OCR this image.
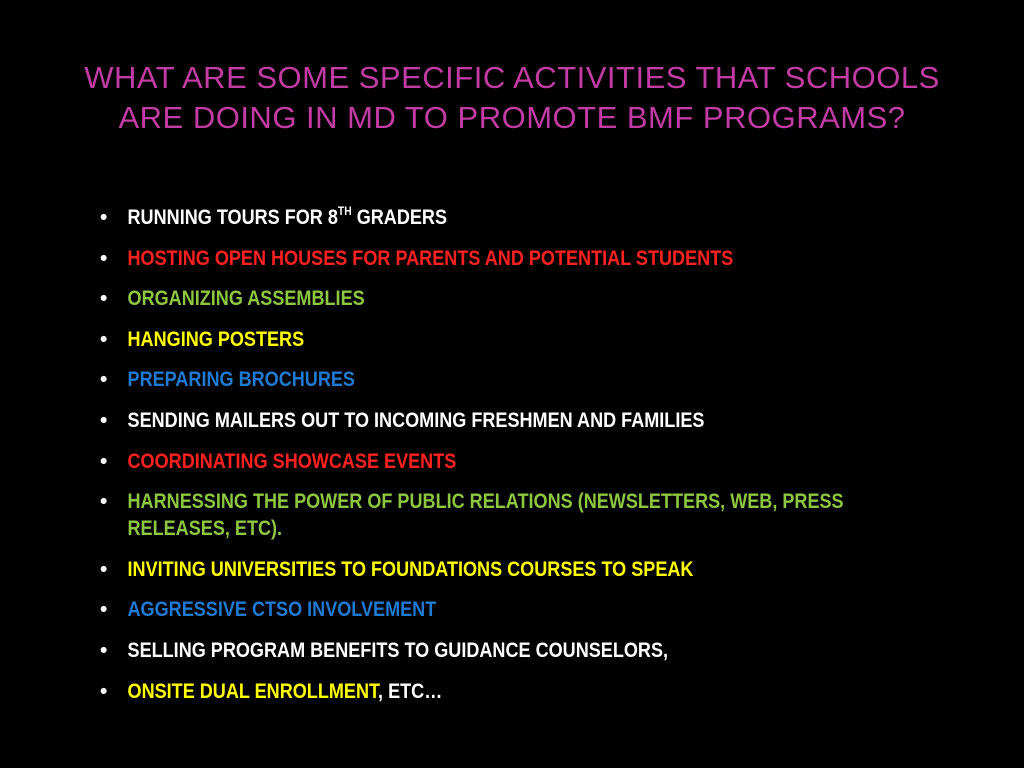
WHAT ARE SOME SPECIFIC ACTIVITIES THAT SCHOOLS ARE DOING IN MD TO PROMOTE BMF PROGRAMS?
• RUNNING TOURS FOR 8TH GRADERS
• HOSTING OPEN HOUSES FOR PARENTS AND POTENTIAL STUDENTS
• ORGANIZING ASSEMBLIES
• HANGING POSTERS
• PREPARING BROCHURES
• SENDING MAILERS OUT TO INCOMING FRESHMEN AND FAMILIES
• COORDINATING SHOWCASE EVENTS
• HARNESSING THE POWER OF PUBLIC RELATIONS (NEWSLETTERS, WEB, PRESS RELEASES, ETC).
• INVITING UNIVERSITIES TO FOUNDATIONS COURSES TO SPEAK
• AGGRESSIVE CTSO INVOLVEMENT
• SELLING PROGRAM BENEFITS TO GUIDANCE COUNSELORS,
• ONSITE DUAL ENROLLMENT, ETC…
